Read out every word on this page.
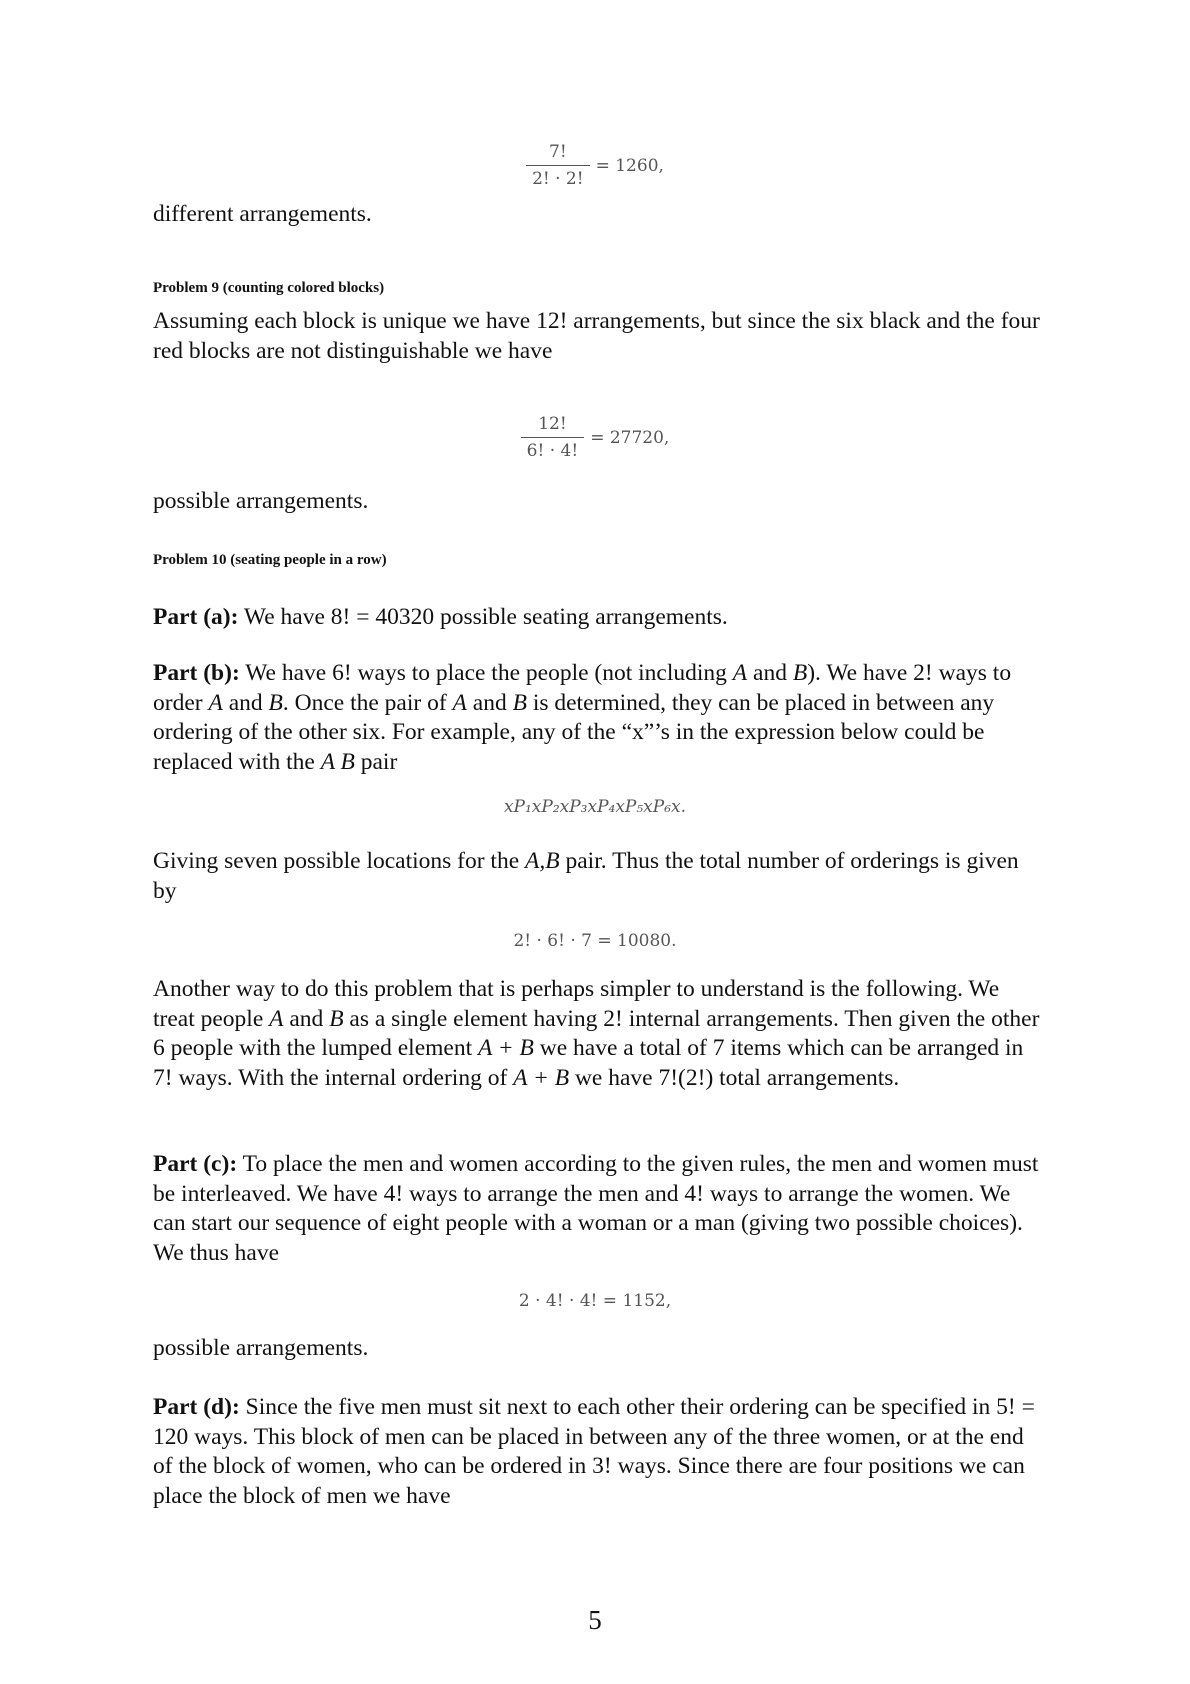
$\frac{7!}{2! \cdot 2!} = 1260$,

different arrangements.

Problem 9 (counting colored blocks)

Assuming each block is unique we have 12! arrangements, but since the six black and the four red blocks are not distinguishable we have

$\frac{12!}{6! \cdot 4!} = 27720$,

possible arrangements.

Problem 10 (seating people in a row)

Part (a): We have 8! = 40320 possible seating arrangements.

Part (b): We have 6! ways to place the people (not including A and B). We have 2! ways to order A and B. Once the pair of A and B is determined, they can be placed in between any ordering of the other six. For example, any of the “x”’s in the expression below could be replaced with the A B pair

xP₁xP₂xP₃xP₄xP₅xP₆x.

Giving seven possible locations for the A,B pair. Thus the total number of orderings is given by

2! · 6! · 7 = 10080.

Another way to do this problem that is perhaps simpler to understand is the following. We treat people A and B as a single element having 2! internal arrangements. Then given the other 6 people with the lumped element A + B we have a total of 7 items which can be arranged in 7! ways. With the internal ordering of A + B we have 7!(2!) total arrangements.

Part (c): To place the men and women according to the given rules, the men and women must be interleaved. We have 4! ways to arrange the men and 4! ways to arrange the women. We can start our sequence of eight people with a woman or a man (giving two possible choices). We thus have

2 · 4! · 4! = 1152,

possible arrangements.

Part (d): Since the five men must sit next to each other their ordering can be specified in 5! = 120 ways. This block of men can be placed in between any of the three women, or at the end of the block of women, who can be ordered in 3! ways. Since there are four positions we can place the block of men we have

5
